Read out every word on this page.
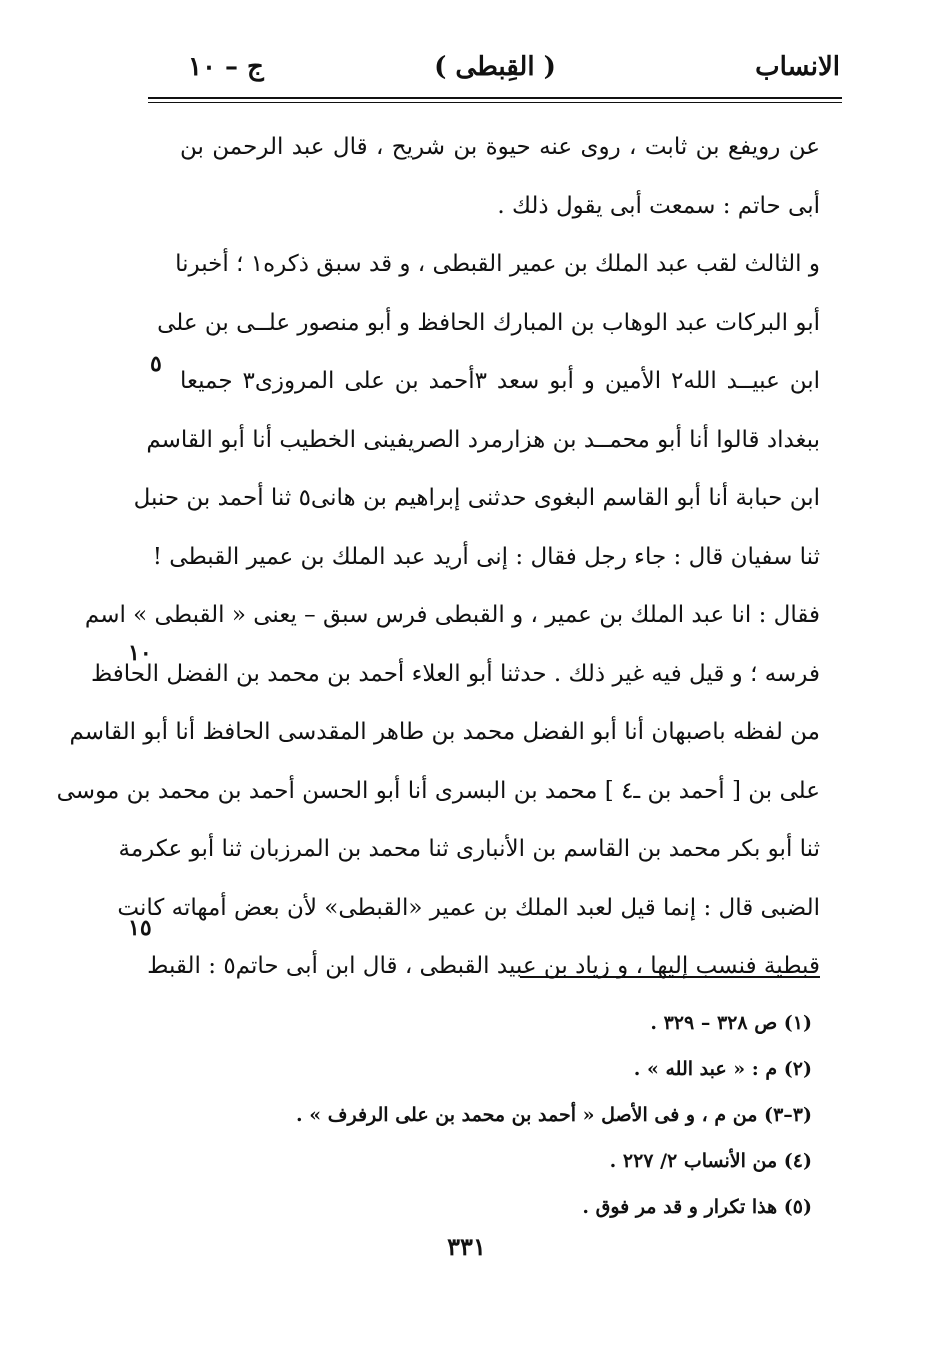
الانساب
( القِبطى )
ج – ١٠
عن رويفع بن ثابت ، روى عنه حيوة بن شريح ، قال عبد الرحمن بن
أبى حاتم : سمعت أبى يقول ذلك .
و الثالث لقب عبد الملك بن عمير القبطى ، و قد سبق ذكره١ ؛ أخبرنا
أبو البركات عبد الوهاب بن المبارك الحافظ و أبو منصور علــى بن على
ابن عبيــد الله٢ الأمين و أبو سعد ٣أحمد بن على المروزى٣ جميعا
ببغداد قالوا أنا أبو محمــد بن هزارمرد الصريفينى الخطيب أنا أبو القاسم
ابن حبابة أنا أبو القاسم البغوى حدثنى إبراهيم بن هانى٥ ثنا أحمد بن حنبل
ثنا سفيان قال : جاء رجل فقال : إنى أريد عبد الملك بن عمير القبطى !
فقال : انا عبد الملك بن عمير ، و القبطى فرس سبق – يعنى « القبطى » اسم
فرسه ؛ و قيل فيه غير ذلك . حدثنا أبو العلاء أحمد بن محمد بن الفضل الحافظ
من لفظه باصبهان أنا أبو الفضل محمد بن طاهر المقدسى الحافظ أنا أبو القاسم
على بن [ أحمد بن ـ٤ ] محمد بن البسرى أنا أبو الحسن أحمد بن محمد بن موسى
ثنا أبو بكر محمد بن القاسم بن الأنبارى ثنا محمد بن المرزبان ثنا أبو عكرمة
الضبى قال : إنما قيل لعبد الملك بن عمير «القبطى» لأن بعض أمهاته كانت
قبطية فنسب إليها ، و زياد بن عبيد القبطى ، قال ابن أبى حاتم٥ : القبط
٥
١٠
١٥
(١) ص ٣٢٨ – ٣٢٩ .
(٢) م : « عبد الله » .
(٣–٣) من م ، و فى الأصل « أحمد بن محمد بن على الرفرف » .
(٤) من الأنساب ٢/ ٢٢٧ .
(٥) هذا تكرار و قد مر فوق .
٣٣١
